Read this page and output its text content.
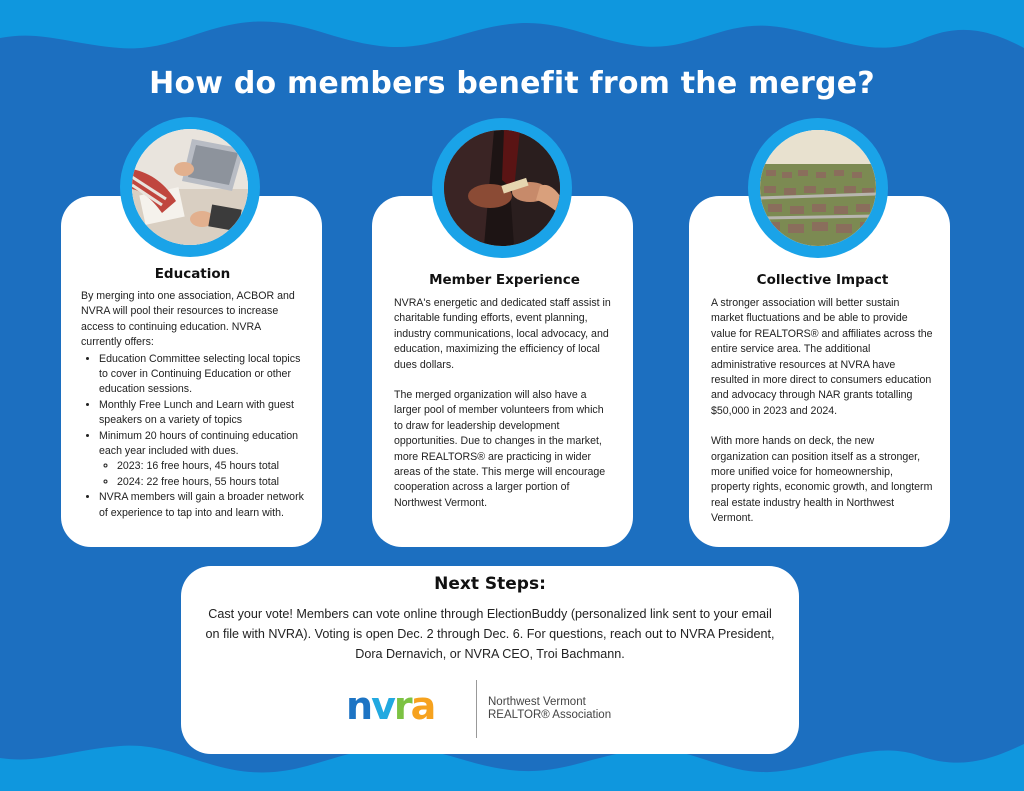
How do members benefit from the merge?
Education

By merging into one association, ACBOR and NVRA will pool their resources to increase access to continuing education. NVRA currently offers:

• Education Committee selecting local topics to cover in Continuing Education or other education sessions.
• Monthly Free Lunch and Learn with guest speakers on a variety of topics
• Minimum 20 hours of continuing education each year included with dues.
◦ 2023: 16 free hours, 45 hours total
◦ 2024: 22 free hours, 55 hours total
• NVRA members will gain a broader network of experience to tap into and learn with.
Member Experience

NVRA's energetic and dedicated staff assist in charitable funding efforts, event planning, industry communications, local advocacy, and education, maximizing the efficiency of local dues dollars.

The merged organization will also have a larger pool of member volunteers from which to draw for leadership development opportunities. Due to changes in the market, more REALTORS® are practicing in wider areas of the state. This merge will encourage cooperation across a larger portion of Northwest Vermont.

Collective Impact

A stronger association will better sustain market fluctuations and be able to provide value for REALTORS® and affiliates across the entire service area. The additional administrative resources at NVRA have resulted in more direct to consumers education and advocacy through NAR grants totalling $50,000 in 2023 and 2024.

With more hands on deck, the new organization can position itself as a stronger, more unified voice for homeownership, property rights, economic growth, and longterm real estate industry health in Northwest Vermont.

Next Steps:

Cast your vote! Members can vote online through ElectionBuddy (personalized link sent to your email on file with NVRA). Voting is open Dec. 2 through Dec. 6. For questions, reach out to NVRA President, Dora Dernavich, or NVRA CEO, Troi Bachmann.

nvra	Northwest Vermont
REALTOR® Association
